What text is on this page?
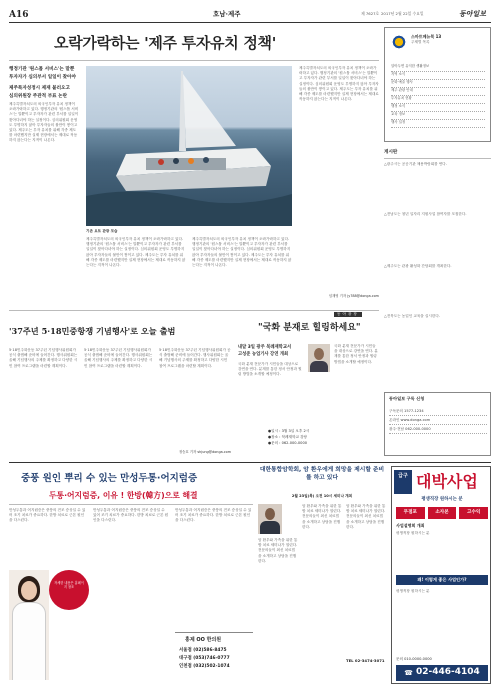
A16	호남·제주	제 7627호 2017년 2월 22일 수요일	동아일보
오락가락하는 '제주 투자유치 정책'	스마트메뉴북 13
주제별 목록
알아두면 유익한 생활정보
지역 소식
문화·예술 행사
제주 관광 안내
투자유치 현황
행정 소식
교육 정보
행사 일정
행정기관 '원스톱 서비스'는 말뿐
투자자가 심의부서 일일이 찾아야
제주특자성정시 제재 불러오고
심의위원장 주관적 부표 논란
제주특별자치도의 외국인투자 유치 정책이 오락가락하고 있다. 행정기관의 '원스톱 서비스'는 말뿐이고 투자자가 관련 부서를 일일이 찾아다녀야 하는 실정이다. 심의위원회 운영도 투명하지 않아 투자자들의 불만이 쌓이고 있다. 제주도는 투자 유치를 위해 각종 제도를 마련했지만 실제 현장에서는 제대로 작동하지 않는다는 지적이 나온다.
기존 요트 관광 모습
제주특별자치도의 외국인투자 유치 정책이 오락가락하고 있다. 행정기관의 '원스톱 서비스'는 말뿐이고 투자자가 관련 부서를 일일이 찾아다녀야 하는 실정이다. 심의위원회 운영도 투명하지 않아 투자자들의 불만이 쌓이고 있다. 제주도는 투자 유치를 위해 각종 제도를 마련했지만 실제 현장에서는 제대로 작동하지 않는다는 지적이 나온다.
제주특별자치도의 외국인투자 유치 정책이 오락가락하고 있다. 행정기관의 '원스톱 서비스'는 말뿐이고 투자자가 관련 부서를 일일이 찾아다녀야 하는 실정이다. 심의위원회 운영도 투명하지 않아 투자자들의 불만이 쌓이고 있다. 제주도는 투자 유치를 위해 각종 제도를 마련했지만 실제 현장에서는 제대로 작동하지 않는다는 지적이 나온다.
제주특별자치도의 외국인투자 유치 정책이 오락가락하고 있다. 행정기관의 '원스톱 서비스'는 말뿐이고 투자자가 관련 부서를 일일이 찾아다녀야 하는 실정이다. 심의위원회 운영도 투명하지 않아 투자자들의 불만이 쌓이고 있다. 제주도는 투자 유치를 위해 각종 제도를 마련했지만 실제 현장에서는 제대로 작동하지 않는다는 지적이 나온다.
임재영 기자 jy788@donga.com
게시판
△광주시는 공공기관 채용박람회를 연다.
△전남도는 청년 일자리 지원사업 참여자를 모집한다.
△제주도는 관광 활성화 간담회를 개최한다.
△전북도는 농업인 교육을 실시한다.
'37주년 5·18민중항쟁 기념행사'로 오늘 출범
5·18민주화운동 37주년 기념행사위원회가 공식 출범해 준비에 들어간다. 행사위원회는 올해 기념행사의 주제를 확정하고 다양한 시민 참여 프로그램을 마련할 계획이다.
5·18민주화운동 37주년 기념행사위원회가 공식 출범해 준비에 들어간다. 행사위원회는 올해 기념행사의 주제를 확정하고 다양한 시민 참여 프로그램을 마련할 계획이다.
5·18민주화운동 37주년 기념행사위원회가 공식 출범해 준비에 들어간다. 행사위원회는 올해 기념행사의 주제를 확정하고 다양한 시민 참여 프로그램을 마련할 계획이다.
정승호 기자 shjung@donga.com
동아광장
"국화 분재로 힐링하세요"
내달 3일 광주 북례재학교서
고성준 농업기사 강연 개최
국화 분재 전문가가 시민들을 대상으로 강연을 연다. 분재를 통한 정서 안정과 힐링 방법을 소개할 예정이다.
국화 분재 전문가가 시민들을 대상으로 강연을 연다. 분재를 통한 정서 안정과 힐링 방법을 소개할 예정이다.
●일시 : 3월 3일 오후 2시
●장소 : 북례재학교 강당
●문의 : 062-000-0000
동아일보 구독 신청
구독문의 1577-1234
온라인 www.donga.com
광주·전남 062-000-0000
중풍 원인 뿌리 수 있는 만성두통·어지럼증
두통·어지럼증, 이유 ! 한방(韓方)으로 해결
만성두통과 어지럼증은 중풍의 전조 증상일 수 있어 조기 치료가 중요하다. 한방 치료로 근본 원인을 다스린다.
자세한 내용은 홈페이지 참조
만성두통과 어지럼증은 중풍의 전조 증상일 수 있어 조기 치료가 중요하다. 한방 치료로 근본 원인을 다스린다.
만성두통과 어지럼증은 중풍의 전조 증상일 수 있어 조기 치료가 중요하다. 한방 치료로 근본 원인을 다스린다.
홍제 OO 한의원
서울점 (02)586-8475
대구점 (053)746-0777
인천점 (032)502-1074
대한통합암학회, 암 환우에게 희망을 제시할 준비를 하고 있다
2월 23일(목) 오전 10시 세미나 개최
암 환우와 가족을 위한 통합 치료 세미나가 열린다. 전문의들이 최신 치료법을 소개하고 상담을 진행한다.
암 환우와 가족을 위한 통합 치료 세미나가 열린다. 전문의들이 최신 치료법을 소개하고 상담을 진행한다.
암 환우와 가족을 위한 통합 치료 세미나가 열린다. 전문의들이 최신 치료법을 소개하고 상담을 진행한다.
TEL 02-3474-3071
급구 대박사업
평생직장 원하시는 분
무점포	소자본	고수익
사업설명회 개최
평생직장 원하시는 분
왜! 이렇게 좋은 사업인가?
평생직장 원하시는 분
문의 010-0000-0000
☎ 02-446-4104
